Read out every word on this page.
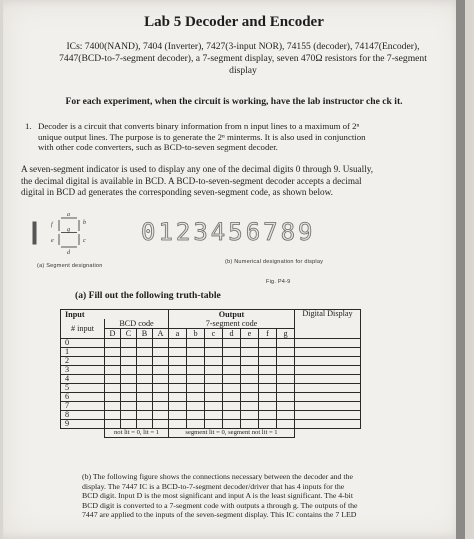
Lab 5 Decoder and Encoder
ICs: 7400(NAND), 7404 (Inverter), 7427(3-input NOR), 74155 (decoder), 74147(Encoder),
7447(BCD-to-7-segment decoder), a 7-segment display, seven 470Ω resistors for the 7-segment
display
For each experiment, when the circuit is working, have the lab instructor che ck it.
1. Decoder is a circuit that converts binary information from n input lines to a maximum of 2ⁿ
unique output lines. The purpose is to generate the 2ⁿ minterms. It is also used in conjunction
with other code converters, such as BCD-to-seven segment decoder.
A seven-segment indicator is used to display any one of the decimal digits 0 through 9. Usually,
the decimal digital is available in BCD. A BCD-to-seven-segment decoder accepts a decimal
digital in BCD ad generates the corresponding seven-segment code, as shown below.
a
b
c
d
e
f
g	0123456789
(a) Segment designation
(b) Numerical designation for display
Fig. P4-9
(a) Fill out the following truth-table
Input					Output							Digital Display
# input	BCD code				7-segment code							
	D	C	B	A	a	b	c	d	e	f	g	
0												
1												
2												
3												
4												
5												
6												
7												
8												
9												
	not lit = 0, lit = 1				segment lit = 0, segment not lit = 1							
(b) The following figure shows the connections necessary between the decoder and the
display. The 7447 IC is a BCD-to-7-segment decoder/driver that has 4 inputs for the
BCD digit. Input D is the most significant and input A is the least significant. The 4-bit
BCD digit is converted to a 7-segment code with outputs a through g. The outputs of the
7447 are applied to the inputs of the seven-segment display. This IC contains the 7 LED
